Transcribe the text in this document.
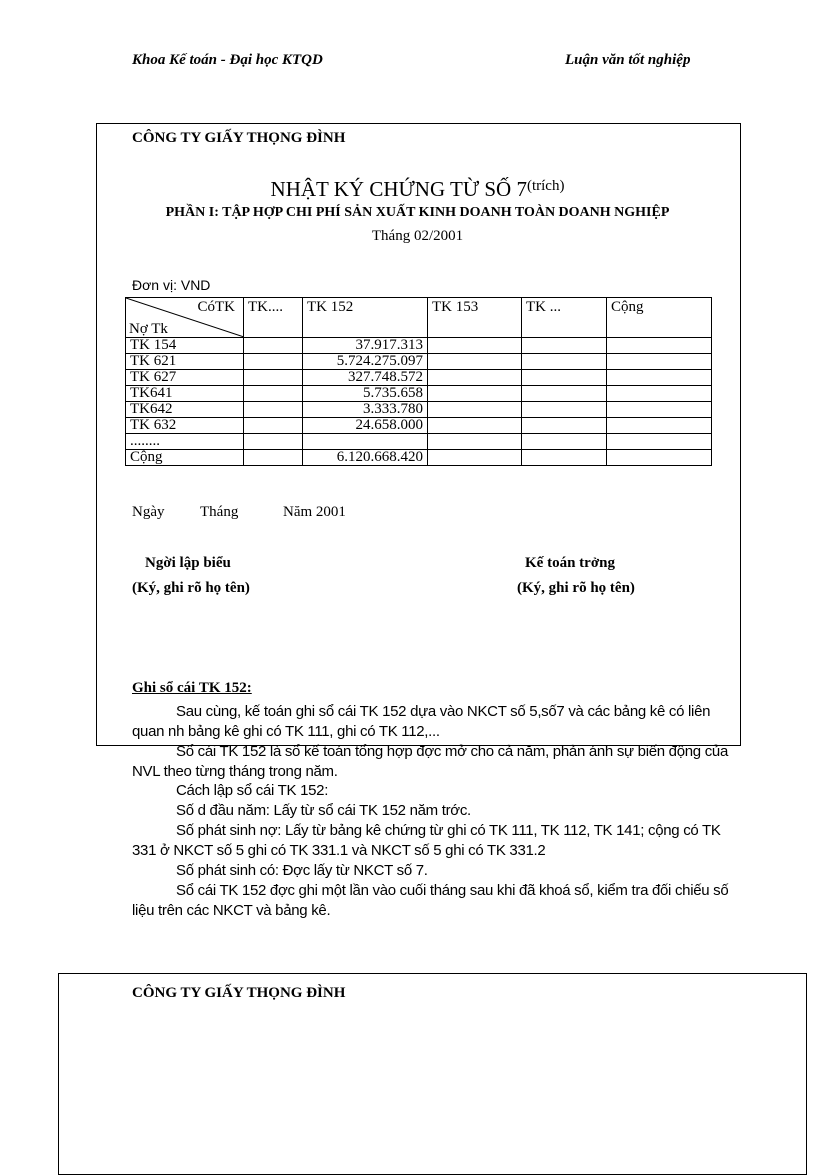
Khoa Kế toán - Đại học KTQD	Luận văn tốt nghiệp
CÔNG TY GIẤY THỌNG ĐÌNH
NHẬT KÝ CHỨNG TỪ SỐ $7^{(trích)}$
PHẦN I: TẬP HỢP CHI PHÍ SẢN XUẤT KINH DOANH TOÀN DOANH NGHIỆP
Tháng 02/2001
Đơn vị: VND
CóTK
Nợ Tk	TK....	TK 152	TK 153	TK ...	Cộng
TK 154		37.917.313			
TK 621		5.724.275.097			
TK 627		327.748.572			
TK641		5.735.658			
TK642		3.333.780			
TK 632		24.658.000			
........					
Cộng		6.120.668.420			
Ngày Tháng	Năm 2001
Ngời lập biểu
(Ký, ghi rõ họ tên)
Kế toán trởng
(Ký, ghi rõ họ tên)
Ghi sổ cái TK 152:
Sau cùng, kế toán ghi sổ cái TK 152 dựa vào NKCT số 5,số7 và các bảng kê có liên quan nh bảng kê ghi có TK 111, ghi có TK 112,...
Sổ cái TK 152 là sổ kế toán tổng hợp đợc mở cho cả năm, phản ánh sự biến động của NVL theo từng tháng trong năm.
Cách lập sổ cái TK 152:
Số d đầu năm: Lấy từ sổ cái TK 152 năm trớc.
Số phát sinh nợ: Lấy từ bảng kê chứng từ ghi có TK 111, TK 112, TK 141; cộng có TK 331 ở NKCT số 5 ghi có TK 331.1 và NKCT số 5 ghi có TK 331.2
Số phát sinh có: Đợc lấy từ NKCT số 7.
Sổ cái TK 152 đợc ghi một lần vào cuối tháng sau khi đã khoá sổ, kiểm tra đối chiếu số liệu trên các NKCT và bảng kê.
CÔNG TY GIẤY THỌNG ĐÌNH
